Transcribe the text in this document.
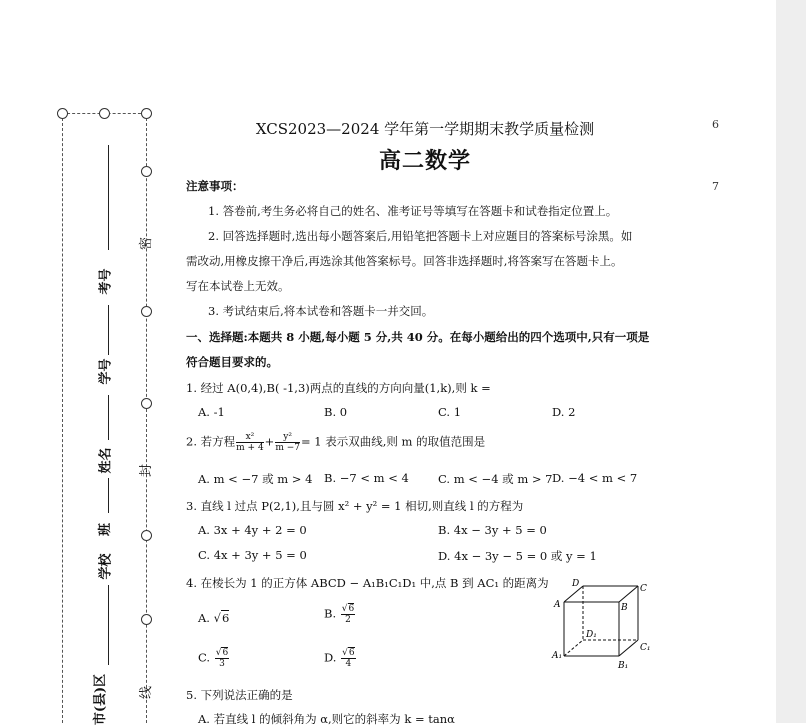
考号
学号
姓名
班
学校
市(县)区
密
封
线
6
7
XCS2023—2024 学年第一学期期末教学质量检测
高二数学
注意事项：
1. 答卷前,考生务必将自己的姓名、准考证号等填写在答题卡和试卷指定位置上。
2. 回答选择题时,选出每小题答案后,用铅笔把答题卡上对应题目的答案标号涂黑。如
需改动,用橡皮擦干净后,再选涂其他答案标号。回答非选择题时,将答案写在答题卡上。
写在本试卷上无效。
3. 考试结束后,将本试卷和答题卡一并交回。
一、选择题:本题共 8 小题,每小题 5 分,共 40 分。在每小题给出的四个选项中,只有一项是
符合题目要求的。
1. 经过 A(0,4),B( -1,3)两点的直线的方向向量(1,k),则 k =
A. -1	B. 0	C. 1	D. 2
2. 若方程 $\frac{\text{x²}}{m + 4} + \frac{\text{y²}}{m -7} = 1$ 表示双曲线,则 m 的取值范围是
A. m < −7 或 m > 4 B. −7 < m < 4	C. m < −4 或 m > 7 D. −4 < m < 7
3. 直线 l 过点 P(2,1),且与圆 x² + y² = 1 相切,则直线 l 的方程为
A. 3x + 4y + 2 = 0	B. 4x − 3y + 5 = 0
C. 4x + 3y + 5 = 0	D. 4x − 3y − 5 = 0 或 y = 1
4. 在棱长为 1 的正方体 ABCD − A₁B₁C₁D₁ 中,点 B 到 AC₁ 的距离为
A. √6	B. $\frac{√6}{2}$
C. $\frac{√6}{3}$	D. $\frac{√6}{4}$
D	C
A	B
D₁
C₁
A₁
B₁
5. 下列说法正确的是
A. 若直线 l 的倾斜角为 α,则它的斜率为 k = tanα
